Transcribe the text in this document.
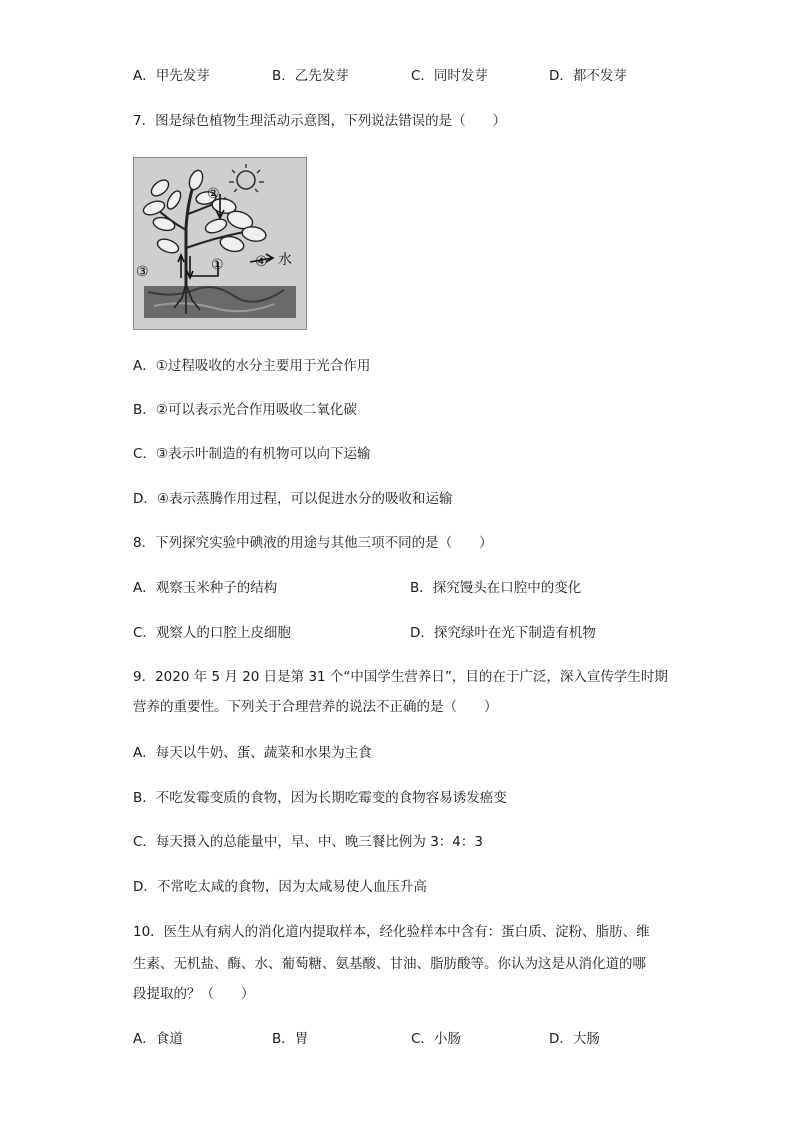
A．甲先发芽	B．乙先发芽	C．同时发芽	D．都不发芽
7．图是绿色植物生理活动示意图，下列说法错误的是（　　）
②
③	① ④ 水
A．①过程吸收的水分主要用于光合作用
B．②可以表示光合作用吸收二氧化碳
C．③表示叶制造的有机物可以向下运输
D．④表示蒸腾作用过程，可以促进水分的吸收和运输
8．下列探究实验中碘液的用途与其他三项不同的是（　　）
A．观察玉米种子的结构	B．探究馒头在口腔中的变化
C．观察人的口腔上皮细胞	D．探究绿叶在光下制造有机物
9．2020 年 5 月 20 日是第 31 个“中国学生营养日”，目的在于广泛，深入宣传学生时期
营养的重要性。下列关于合理营养的说法不正确的是（　　）
A．每天以牛奶、蛋、蔬菜和水果为主食
B．不吃发霉变质的食物，因为长期吃霉变的食物容易诱发癌变
C．每天摄入的总能量中，早、中、晚三餐比例为 3：4：3
D．不常吃太咸的食物，因为太咸易使人血压升高
10．医生从有病人的消化道内提取样本，经化验样本中含有：蛋白质、淀粉、脂肪、维
生素、无机盐、酶、水、葡萄糖、氨基酸、甘油、脂肪酸等。你认为这是从消化道的哪
段提取的？（　　）
A．食道	B．胃	C．小肠	D．大肠
